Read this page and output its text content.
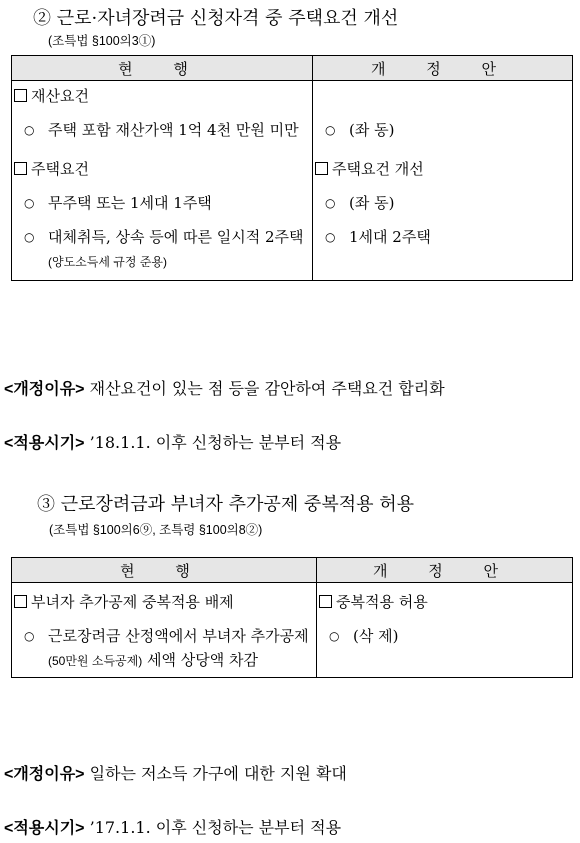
② 근로·자녀장려금 신청자격 중 주택요건 개선
(조특법 §100의3①)
현 행	개 정 안

재산요건	

○ 주택 포함 재산가액 1억 4천 만원 미만	○ (좌 동)

주택요건	주택요건 개선

○ 무주택 또는 1세대 1주택	○ (좌 동)

○ 대체취득, 상속 등에 따른 일시적 2주택(양도소득세 규정 준용)	○ 1세대 2주택
<개정이유> 재산요건이 있는 점 등을 감안하여 주택요건 합리화
<적용시기> ’18.1.1. 이후 신청하는 분부터 적용
③ 근로장려금과 부녀자 추가공제 중복적용 허용
(조특법 §100의6⑨, 조특령 §100의8②)
현 행	개 정 안

부녀자 추가공제 중복적용 배제	중복적용 허용

○ 근로장려금 산정액에서 부녀자 추가공제(50만원 소득공제) 세액 상당액 차감	○ (삭 제)
<개정이유> 일하는 저소득 가구에 대한 지원 확대
<적용시기> ’17.1.1. 이후 신청하는 분부터 적용
